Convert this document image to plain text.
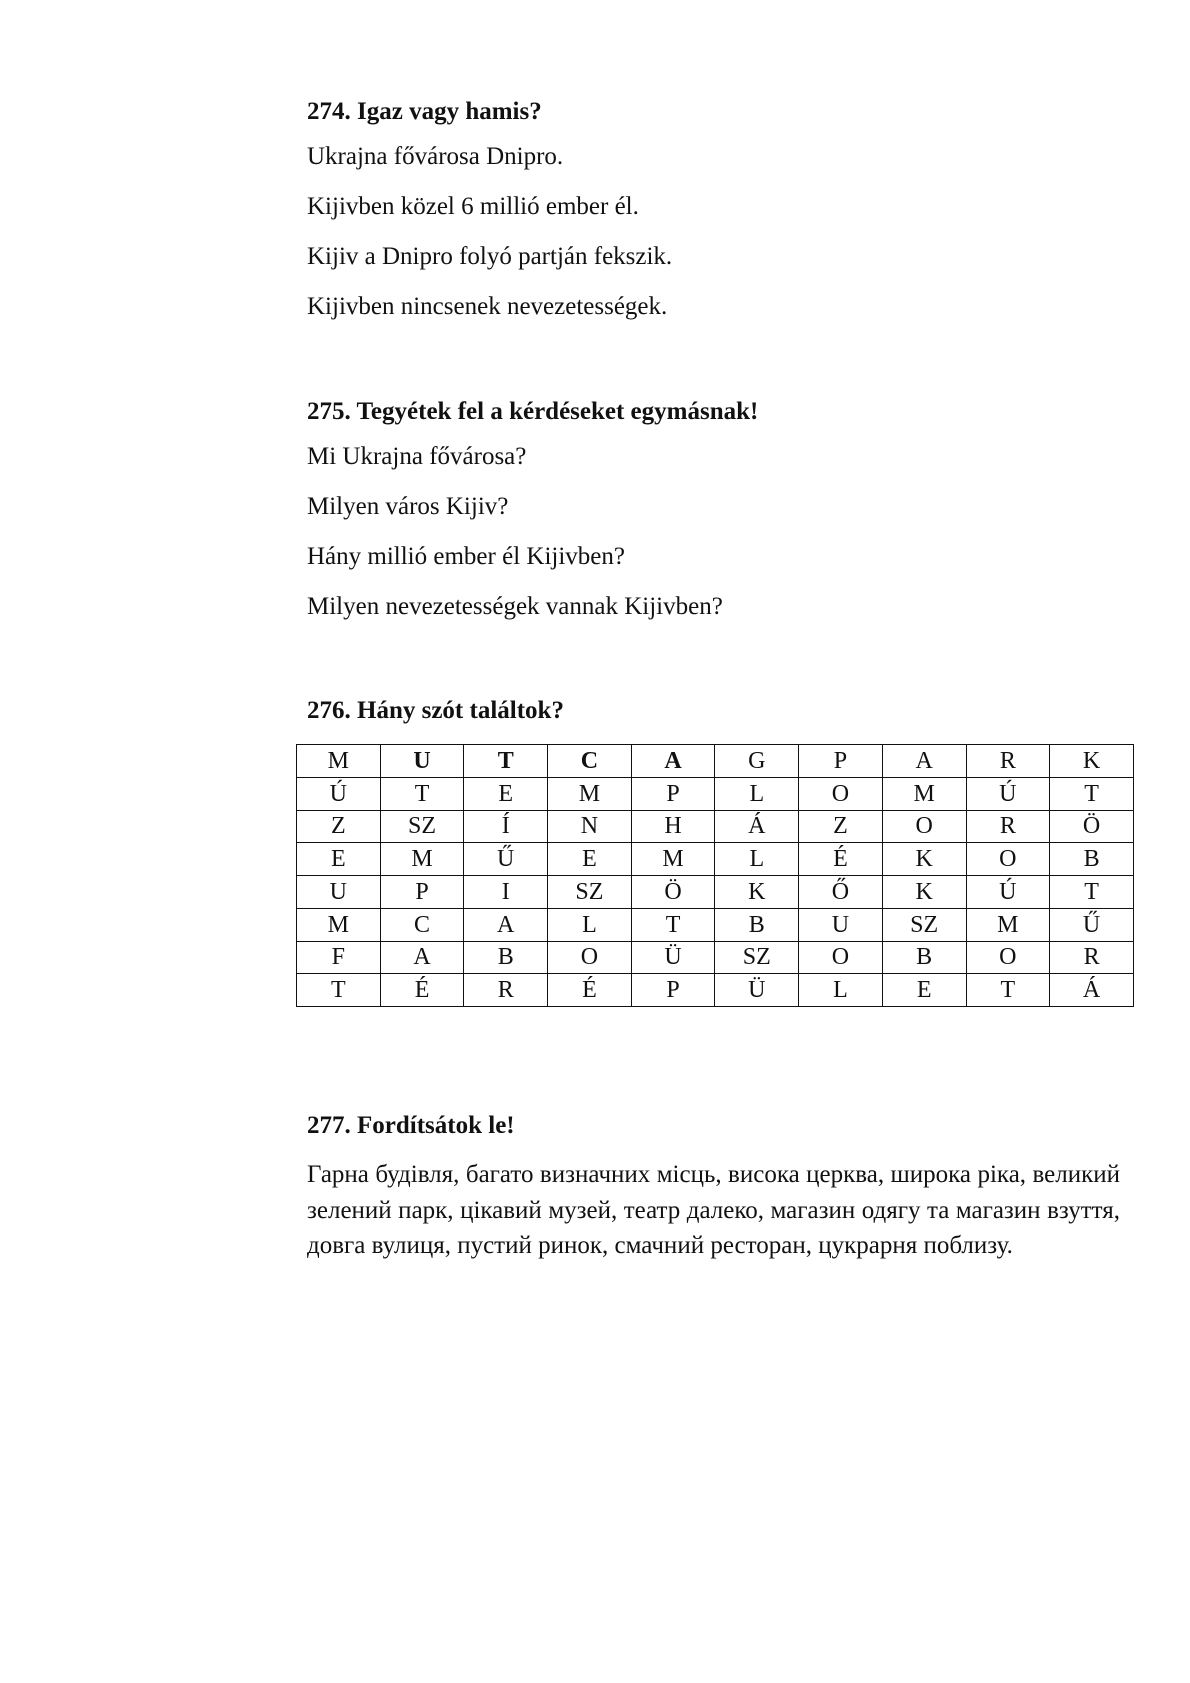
274. Igaz vagy hamis?
Ukrajna fővárosa Dnipro.
Kijivben közel 6 millió ember él.
Kijiv a Dnipro folyó partján fekszik.
Kijivben nincsenek nevezetességek.
275. Tegyétek fel a kérdéseket egymásnak!
Mi Ukrajna fővárosa?
Milyen város Kijiv?
Hány millió ember él Kijivben?
Milyen nevezetességek vannak Kijivben?
276. Hány szót találtok?
M	U	T	C	A	G	P	A	R	K
Ú	T	E	M	P	L	O	M	Ú	T
Z	SZ	Í	N	H	Á	Z	O	R	Ö
E	M	Ű	E	M	L	É	K	O	B
U	P	I	SZ	Ö	K	Ő	K	Ú	T
M	C	A	L	T	B	U	SZ	M	Ű
F	A	B	O	Ü	SZ	O	B	O	R
T	É	R	É	P	Ü	L	E	T	Á
277. Fordítsátok le!

Гарна будівля, багато визначних місць, висока церква, широка ріка, великий зелений парк, цікавий музей, театр далеко, магазин одягу та магазин взуття, довга вулиця, пустий ринок, смачний ресторан, цукрарня поблизу.
